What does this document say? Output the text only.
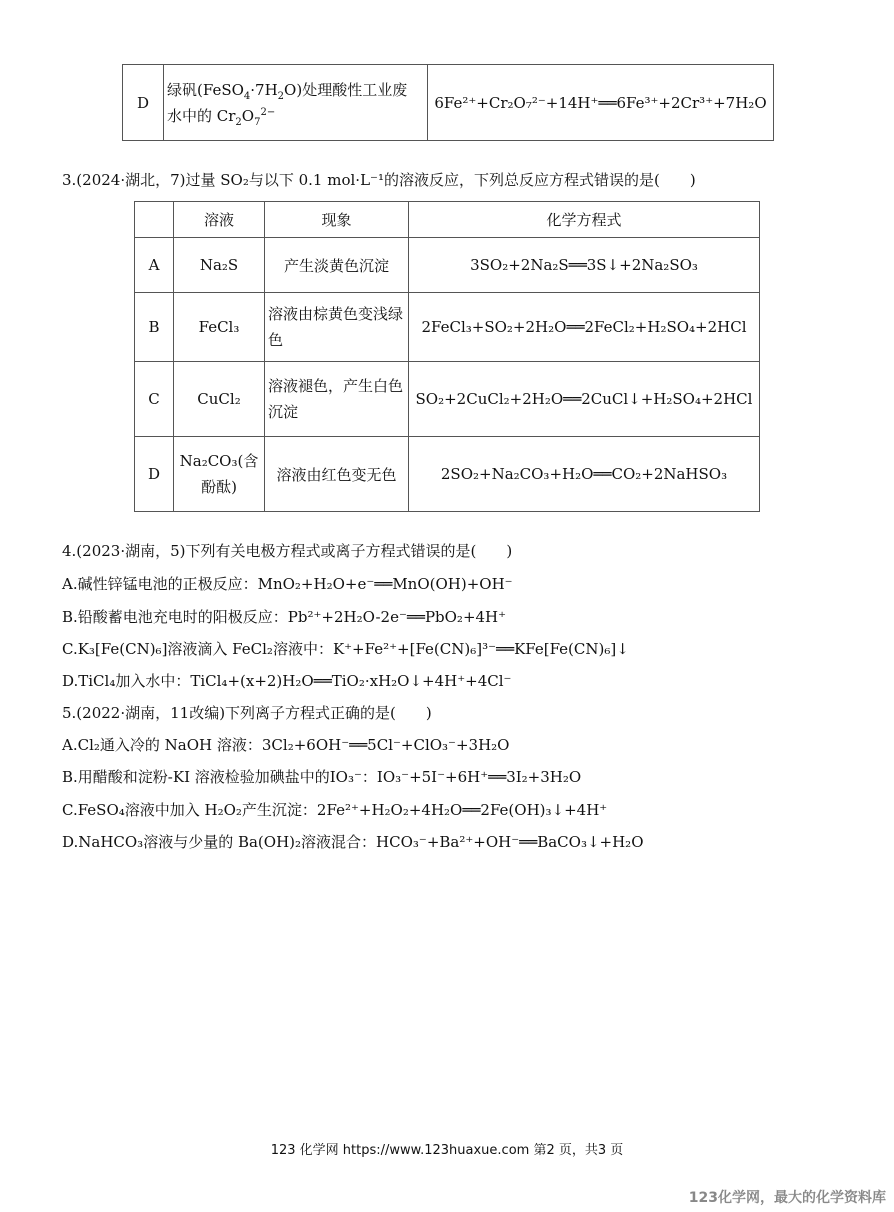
D	绿矾$(FeSO_4\cdot 7H_2O)$处理酸性工业废
水中的 $Cr_2O_7^{2-}$	6Fe²⁺+Cr₂O₇²⁻+14H⁺══6Fe³⁺+2Cr³⁺+7H₂O
3.(2024·湖北，7)过量 SO₂与以下 0.1 mol·L⁻¹的溶液反应，下列总反应方程式错误的是(　　)
	溶液	现象	化学方程式
A	Na₂S	产生淡黄色沉淀	3SO₂+2Na₂S══3S↓+2Na₂SO₃
B	FeCl₃	溶液由棕黄色变浅绿色	2FeCl₃+SO₂+2H₂O══2FeCl₂+H₂SO₄+2HCl
C	CuCl₂	溶液褪色，产生白色沉淀	SO₂+2CuCl₂+2H₂O══2CuCl↓+H₂SO₄+2HCl
D	Na₂CO₃(含酚酞)	溶液由红色变无色	2SO₂+Na₂CO₃+H₂O══CO₂+2NaHSO₃
4.(2023·湖南，5)下列有关电极方程式或离子方程式错误的是(　　)
A.碱性锌锰电池的正极反应：MnO₂+H₂O+e⁻══MnO(OH)+OH⁻
B.铅酸蓄电池充电时的阳极反应：Pb²⁺+2H₂O-2e⁻══PbO₂+4H⁺
C.K₃[Fe(CN)₆]溶液滴入 FeCl₂溶液中：K⁺+Fe²⁺+[Fe(CN)₆]³⁻══KFe[Fe(CN)₆]↓
D.TiCl₄加入水中：TiCl₄+(x+2)H₂O══TiO₂·xH₂O↓+4H⁺+4Cl⁻
5.(2022·湖南，11改编)下列离子方程式正确的是(　　)
A.Cl₂通入冷的 NaOH 溶液：3Cl₂+6OH⁻══5Cl⁻+ClO₃⁻+3H₂O
B.用醋酸和淀粉-KI 溶液检验加碘盐中的IO₃⁻：IO₃⁻+5I⁻+6H⁺══3I₂+3H₂O
C.FeSO₄溶液中加入 H₂O₂产生沉淀：2Fe²⁺+H₂O₂+4H₂O══2Fe(OH)₃↓+4H⁺
D.NaHCO₃溶液与少量的 Ba(OH)₂溶液混合：HCO₃⁻+Ba²⁺+OH⁻══BaCO₃↓+H₂O
123 化学网 https://www.123huaxue.com 第2 页，共3 页
123化学网，最大的化学资料库
